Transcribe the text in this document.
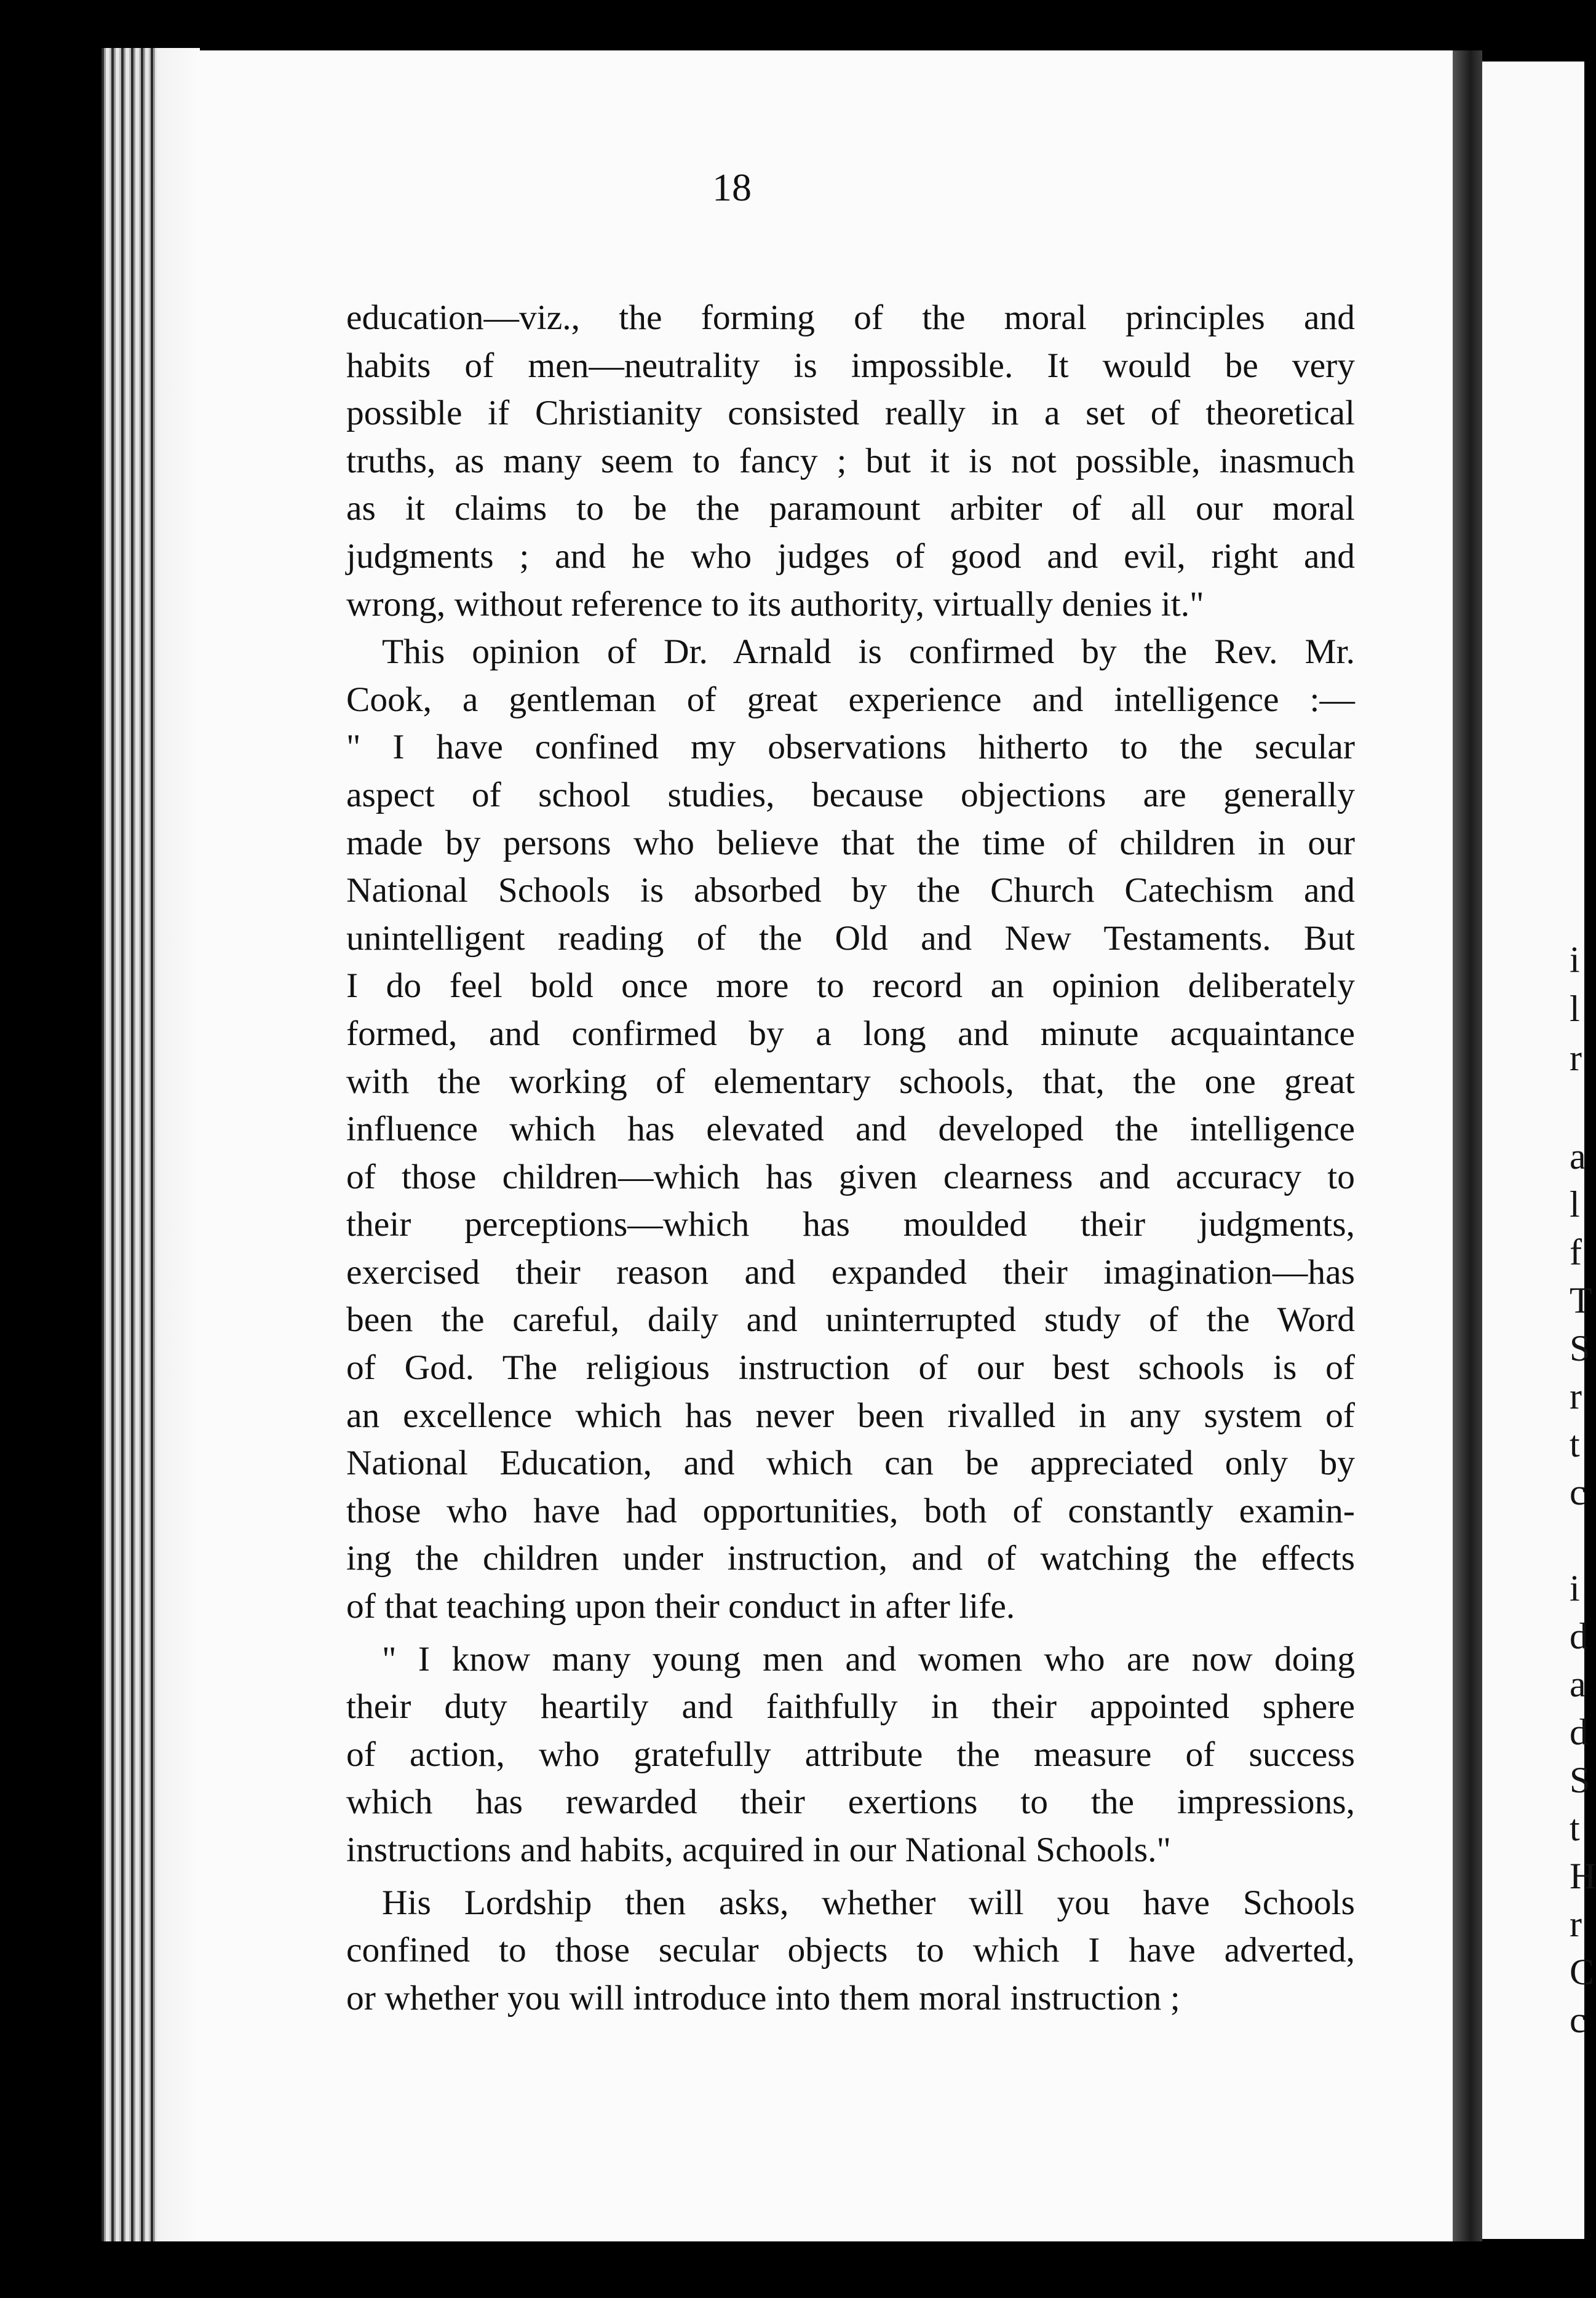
i
l
r
a
l
f
T
S
r
t
c
i
d
a
d
S
t
H
r
C
c
18
education—viz., the forming of the moral principles and
habits of men—neutrality is impossible. It would be very
possible if Christianity consisted really in a set of theoretical
truths, as many seem to fancy ; but it is not possible, inasmuch
as it claims to be the paramount arbiter of all our moral
judgments ; and he who judges of good and evil, right and
wrong, without reference to its authority, virtually denies it."
This opinion of Dr. Arnald is confirmed by the Rev. Mr.
Cook, a gentleman of great experience and intelligence :—
" I have confined my observations hitherto to the secular
aspect of school studies, because objections are generally
made by persons who believe that the time of children in our
National Schools is absorbed by the Church Catechism and
unintelligent reading of the Old and New Testaments. But
I do feel bold once more to record an opinion deliberately
formed, and confirmed by a long and minute acquaintance
with the working of elementary schools, that, the one great
influence which has elevated and developed the intelligence
of those children—which has given clearness and accuracy to
their perceptions—which has moulded their judgments,
exercised their reason and expanded their imagination—has
been the careful, daily and uninterrupted study of the Word
of God. The religious instruction of our best schools is of
an excellence which has never been rivalled in any system of
National Education, and which can be appreciated only by
those who have had opportunities, both of constantly examin-
ing the children under instruction, and of watching the effects
of that teaching upon their conduct in after life.
" I know many young men and women who are now doing
their duty heartily and faithfully in their appointed sphere
of action, who gratefully attribute the measure of success
which has rewarded their exertions to the impressions,
instructions and habits, acquired in our National Schools."
His Lordship then asks, whether will you have Schools
confined to those secular objects to which I have adverted,
or whether you will introduce into them moral instruction ;
